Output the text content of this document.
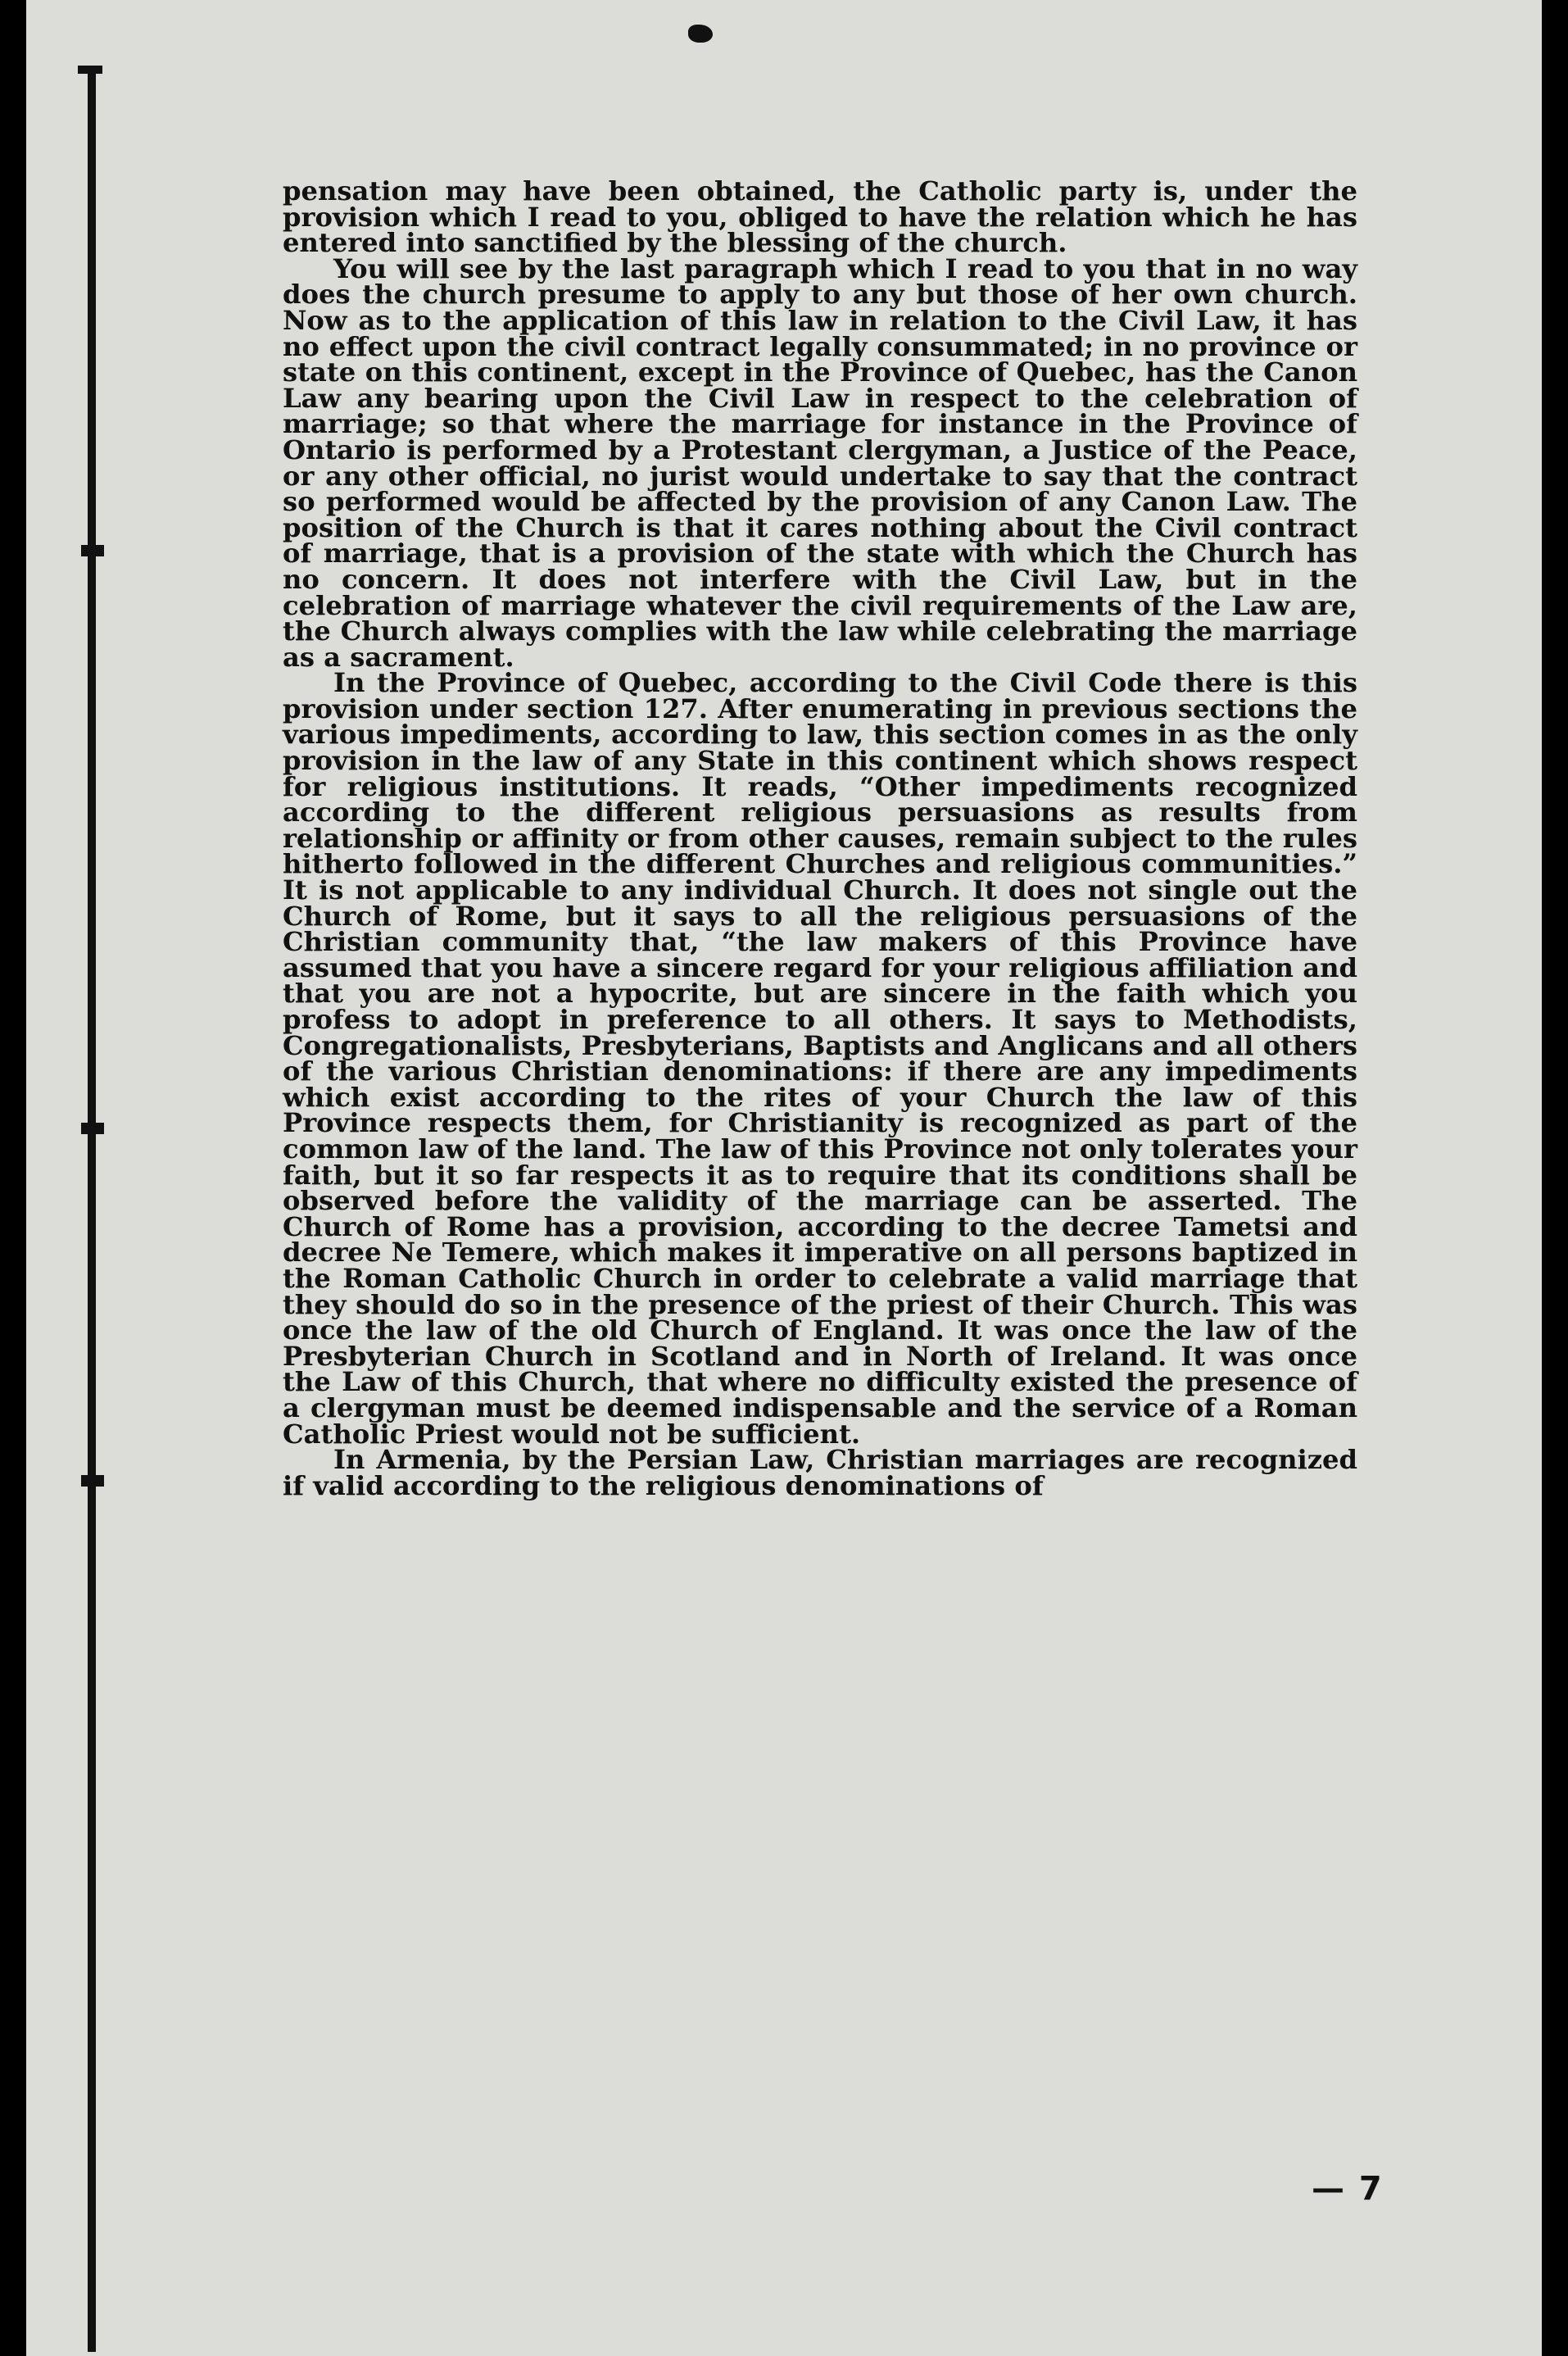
pensation may have been obtained, the Catholic party is, under the provision which I read to you, obliged to have the relation which he has entered into sanctified by the blessing of the church.

You will see by the last paragraph which I read to you that in no way does the church presume to apply to any but those of her own church. Now as to the application of this law in relation to the Civil Law, it has no effect upon the civil contract legally consummated; in no province or state on this continent, except in the Province of Quebec, has the Canon Law any bearing upon the Civil Law in respect to the celebration of marriage; so that where the marriage for instance in the Province of Ontario is performed by a Protestant clergyman, a Justice of the Peace, or any other official, no jurist would undertake to say that the contract so performed would be affected by the provision of any Canon Law. The position of the Church is that it cares nothing about the Civil contract of marriage, that is a provision of the state with which the Church has no concern. It does not interfere with the Civil Law, but in the celebration of marriage whatever the civil requirements of the Law are, the Church always complies with the law while celebrating the marriage as a sacrament.

In the Province of Quebec, according to the Civil Code there is this provision under section 127. After enumerating in previous sections the various impediments, according to law, this section comes in as the only provision in the law of any State in this continent which shows respect for religious institutions. It reads, “Other impediments recognized according to the different religious persuasions as results from relationship or affinity or from other causes, remain subject to the rules hitherto followed in the different Churches and religious communities.” It is not applicable to any individual Church. It does not single out the Church of Rome, but it says to all the religious persuasions of the Christian community that, “the law makers of this Province have assumed that you have a sincere regard for your religious affiliation and that you are not a hypocrite, but are sincere in the faith which you profess to adopt in preference to all others. It says to Methodists, Congregationalists, Presbyterians, Baptists and Anglicans and all others of the various Christian denominations: if there are any impediments which exist according to the rites of your Church the law of this Province respects them, for Christianity is recognized as part of the common law of the land. The law of this Province not only tolerates your faith, but it so far respects it as to require that its conditions shall be observed before the validity of the marriage can be asserted. The Church of Rome has a provision, according to the decree Tametsi and decree Ne Temere, which makes it imperative on all persons baptized in the Roman Catholic Church in order to celebrate a valid marriage that they should do so in the presence of the priest of their Church. This was once the law of the old Church of England. It was once the law of the Presbyterian Church in Scotland and in North of Ireland. It was once the Law of this Church, that where no difficulty existed the presence of a clergyman must be deemed indispensable and the service of a Roman Catholic Priest would not be sufficient.

In Armenia, by the Persian Law, Christian marriages are recognized if valid according to the religious denominations of

— 7
